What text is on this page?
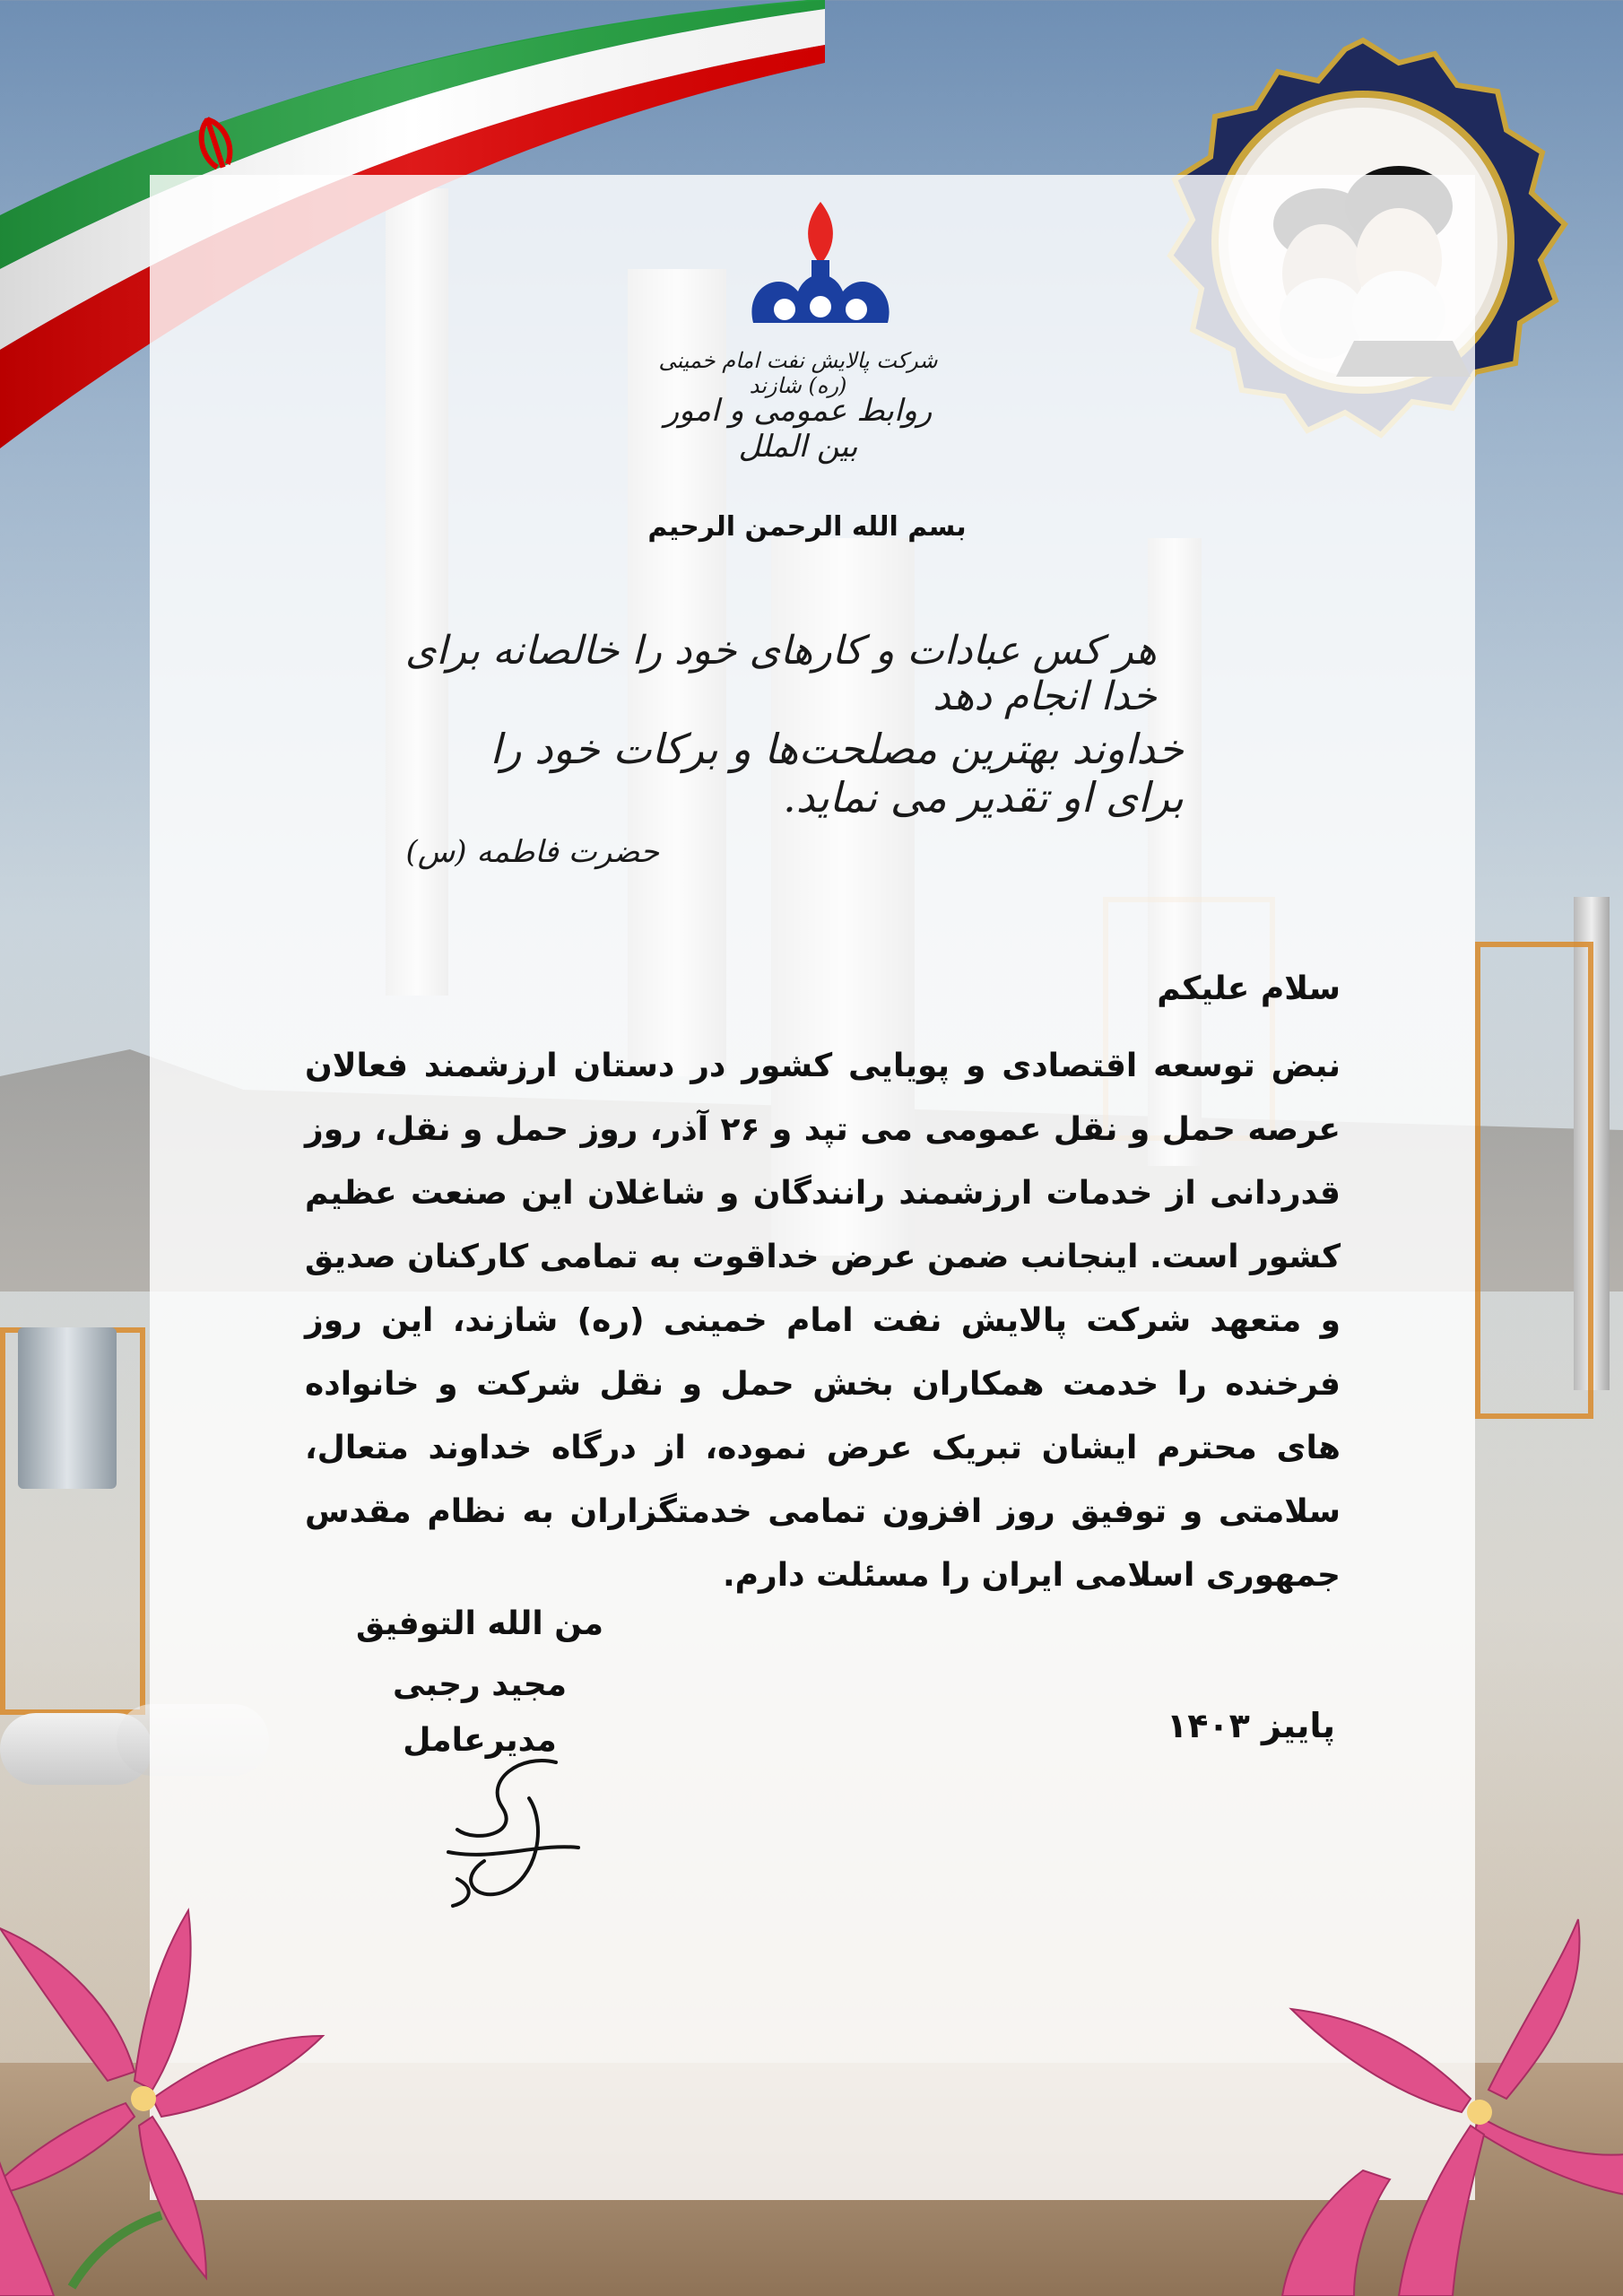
شرکت پالایش نفت امام خمینی (ره) شازند
روابط عمومی و امور بین الملل
بسم الله الرحمن الرحیم
هر کس عبادات و کارهای خود را خالصانه برای خدا انجام دهد
خداوند بهترین مصلحت‌ها و برکات خود را برای او تقدیر می نماید.
حضرت فاطمه (س)
سلام علیکم
نبض توسعه اقتصادی و پویایی کشور در دستان ارزشمند فعالان عرصه حمل و نقل عمومی می تپد و ۲۶ آذر، روز حمل و نقل، روز قدردانی از خدمات ارزشمند رانندگان و شاغلان این صنعت عظیم کشور است. اینجانب ضمن عرض خداقوت به تمامی کارکنان صدیق و متعهد شرکت پالایش نفت امام خمینی (ره) شازند، این روز فرخنده را خدمت همکاران بخش حمل و نقل شرکت و خانواده های محترم ایشان تبریک عرض نموده، از درگاه خداوند متعال، سلامتی و توفیق روز افزون تمامی خدمتگزاران به نظام مقدس جمهوری اسلامی ایران را مسئلت دارم.
من الله التوفیق
مجید رجبی
مدیرعامل	پاییز ۱۴۰۳
